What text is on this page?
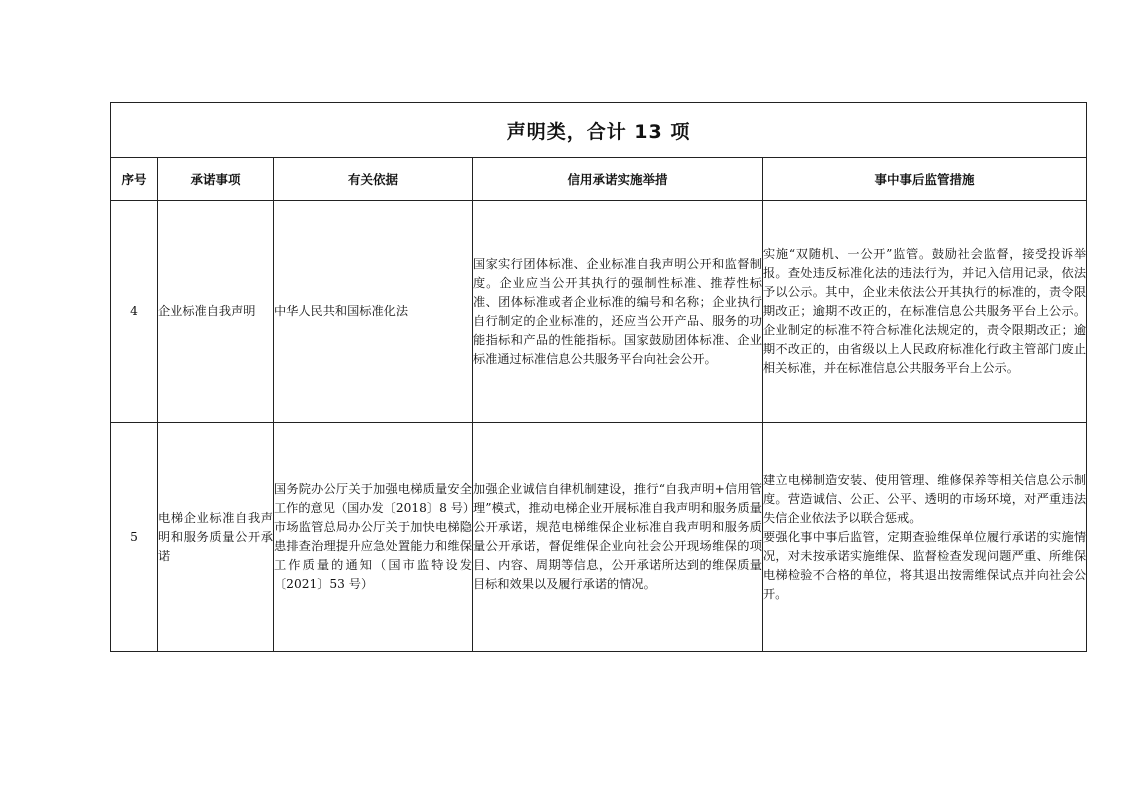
声明类，合计 13 项				
序号	承诺事项	有关依据	信用承诺实施举措	事中事后监管措施
4	企业标准自我声明	中华人民共和国标准化法	国家实行团体标准、企业标准自我声明公开和监督制度。企业应当公开其执行的强制性标准、推荐性标准、团体标准或者企业标准的编号和名称；企业执行自行制定的企业标准的，还应当公开产品、服务的功能指标和产品的性能指标。国家鼓励团体标准、企业标准通过标准信息公共服务平台向社会公开。	实施“双随机、一公开”监管。鼓励社会监督，接受投诉举报。查处违反标准化法的违法行为，并记入信用记录，依法予以公示。其中，企业未依法公开其执行的标准的，责令限期改正；逾期不改正的，在标准信息公共服务平台上公示。企业制定的标准不符合标准化法规定的，责令限期改正；逾期不改正的，由省级以上人民政府标准化行政主管部门废止相关标准，并在标准信息公共服务平台上公示。

5	电梯企业标准自我声明和服务质量公开承诺	国务院办公厅关于加强电梯质量安全工作的意见（国办发〔2018〕8 号）
市场监管总局办公厅关于加快电梯隐患排查治理提升应急处置能力和维保工作质量的通知（国市监特设发〔2021〕53 号）	加强企业诚信自律机制建设，推行“自我声明+信用管理”模式，推动电梯企业开展标准自我声明和服务质量公开承诺，规范电梯维保企业标准自我声明和服务质量公开承诺，督促维保企业向社会公开现场维保的项目、内容、周期等信息，公开承诺所达到的维保质量目标和效果以及履行承诺的情况。	建立电梯制造安装、使用管理、维修保养等相关信息公示制度。营造诚信、公正、公平、透明的市场环境，对严重违法失信企业依法予以联合惩戒。
要强化事中事后监管，定期查验维保单位履行承诺的实施情况，对未按承诺实施维保、监督检查发现问题严重、所维保电梯检验不合格的单位，将其退出按需维保试点并向社会公开。
